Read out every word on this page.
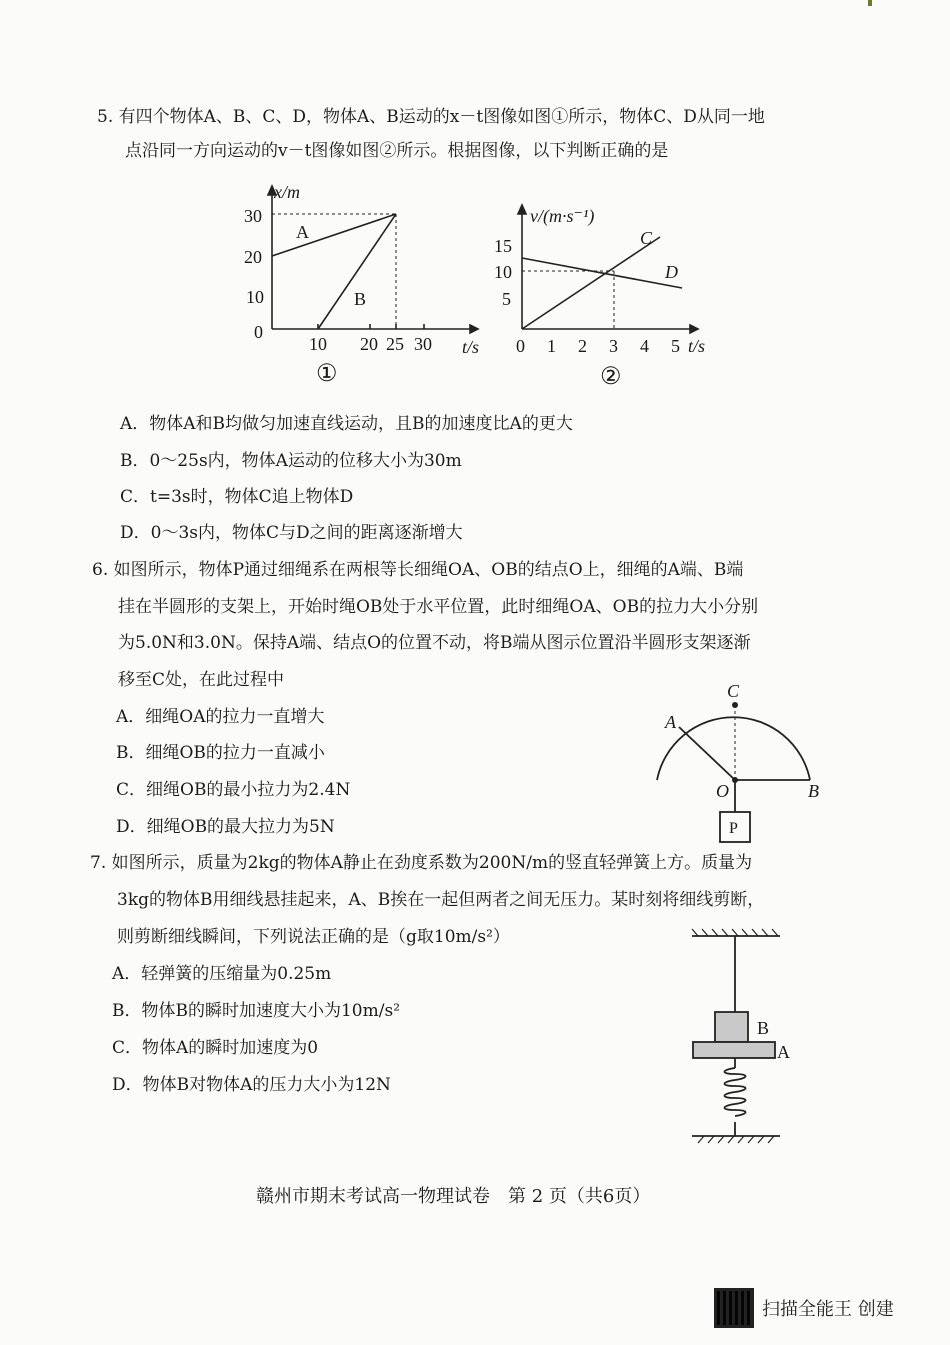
5. 有四个物体A、B、C、D，物体A、B运动的x－t图像如图①所示，物体C、D从同一地
点沿同一方向运动的v－t图像如图②所示。根据图像，以下判断正确的是
x/m
30
20
10
0
10 20 25 30 t/s
A
B
①
v/(m·s⁻¹)
15
10
5
0 1 2 3 4 5 t/s
C
D
②
C
A
O	B
P
B
A
A．物体A和B均做匀加速直线运动，且B的加速度比A的更大
B．0～25s内，物体A运动的位移大小为30m
C．t=3s时，物体C追上物体D
D．0～3s内，物体C与D之间的距离逐渐增大
6. 如图所示，物体P通过细绳系在两根等长细绳OA、OB的结点O上，细绳的A端、B端
挂在半圆形的支架上，开始时绳OB处于水平位置，此时细绳OA、OB的拉力大小分别
为5.0N和3.0N。保持A端、结点O的位置不动，将B端从图示位置沿半圆形支架逐渐
移至C处，在此过程中
A．细绳OA的拉力一直增大
B．细绳OB的拉力一直减小
C．细绳OB的最小拉力为2.4N
D．细绳OB的最大拉力为5N
7. 如图所示，质量为2kg的物体A静止在劲度系数为200N/m的竖直轻弹簧上方。质量为
3kg的物体B用细线悬挂起来，A、B挨在一起但两者之间无压力。某时刻将细线剪断，
则剪断细线瞬间，下列说法正确的是（g取10m/s²）
A．轻弹簧的压缩量为0.25m
B．物体B的瞬时加速度大小为10m/s²
C．物体A的瞬时加速度为0
D．物体B对物体A的压力大小为12N
赣州市期末考试高一物理试卷　第 2 页（共6页）
扫描全能王 创建
